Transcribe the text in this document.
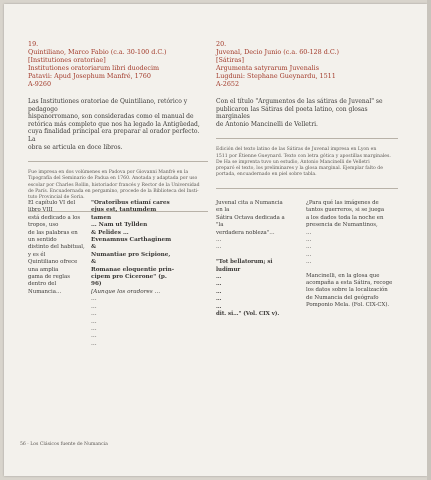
19.

Quintiliano, Marco Fabio (c.a. 30-100 d.C.)

[Institutiones oratoriae]

Institutiones oratoriarum libri duodecim

Patavii: Apud Josephum Manfré, 1760

A-9260

Las Institutiones oratoriae de Quintiliano, retórico y pedagogo

hispanorromano, son consideradas como el manual de

retórica más completo que nos ha legado la Antigüedad,

cuya finalidad principal era preparar al orador perfecto. La

obra se articula en doce libros.

Fue impresa en dos volúmenes en Padova por Giovanni Manfrè en la

Tipografía del Seminario de Padua en 1760. Anotada y adaptada por uso

escolar por Charles Rollin, historiador francés y Rector de la Universidad

de París. Encuadernada en pergamino, procede de la Biblioteca del Insti-

tuto Provincial de Soria.

20.

Juvenal, Decio Junio (c.a. 60-128 d.C.)

[Sátiras]

Argumenta satyrarum Juvenalis

Lugduni: Stephane Gueynardu, 1511

A-2652

Con el título "Argumentos de las sátiras de Juvenal" se

publicaron las Sátiras del poeta latino, con glosas marginales

de Antonio Mancinelli de Velletri.

Edición del texto latino de las Sátiras de Juvenal impresa en Lyon en

1511 por Étienne Gueynard. Texto con letra gótica y apostillas marginales.

De Ha se imprenta tuvo un estudio, Antonio Mancinelli de Velletri

preparó el texto, los preliminares y la glosa marginal. Ejemplar falto de

portada, encuadernado en piel sobre tabla.

El capítulo VI del libro VIII

está dedicado a los tropos, uso

de las palabras en un sentido

distinto del habitual, y es él

Quintiliano ofrece una amplia

gama de reglas dentro del

Numancia…

"Oratoribus etiamí cares

ejus est, tantumdem tamen

… Nam ut Tyllden

& Pelides …

Evenamnus Carthaginem &

Numantiae pro Scipione, &

Romanae eloquentie prin-

cipem pro Cicerone" (p. 96)

[Aunque los oradores …

…

…

…

…

…

…

…

Juvenal cita a Numancia en la

Sátira Octava dedicada a "la

verdadera nobleza"…

…

…

"Tot bellatorum; si ludimur

…

…

…

…

…

dit. si…" (Vol. CIX v).

¿Para qué las imágenes de

tantos guerreros, si se juega

a los dados toda la noche en

presencia de Numantinos,

…

…

…

…

…

Mancinelli, en la glosa que

acompaña a esta Sátira, recoge

los datos sobre la localización

de Numancia del geógrafo

Pomponio Mela. (Fol. CIX-CX).

56 · Los Clásicos fuente de Numancia
